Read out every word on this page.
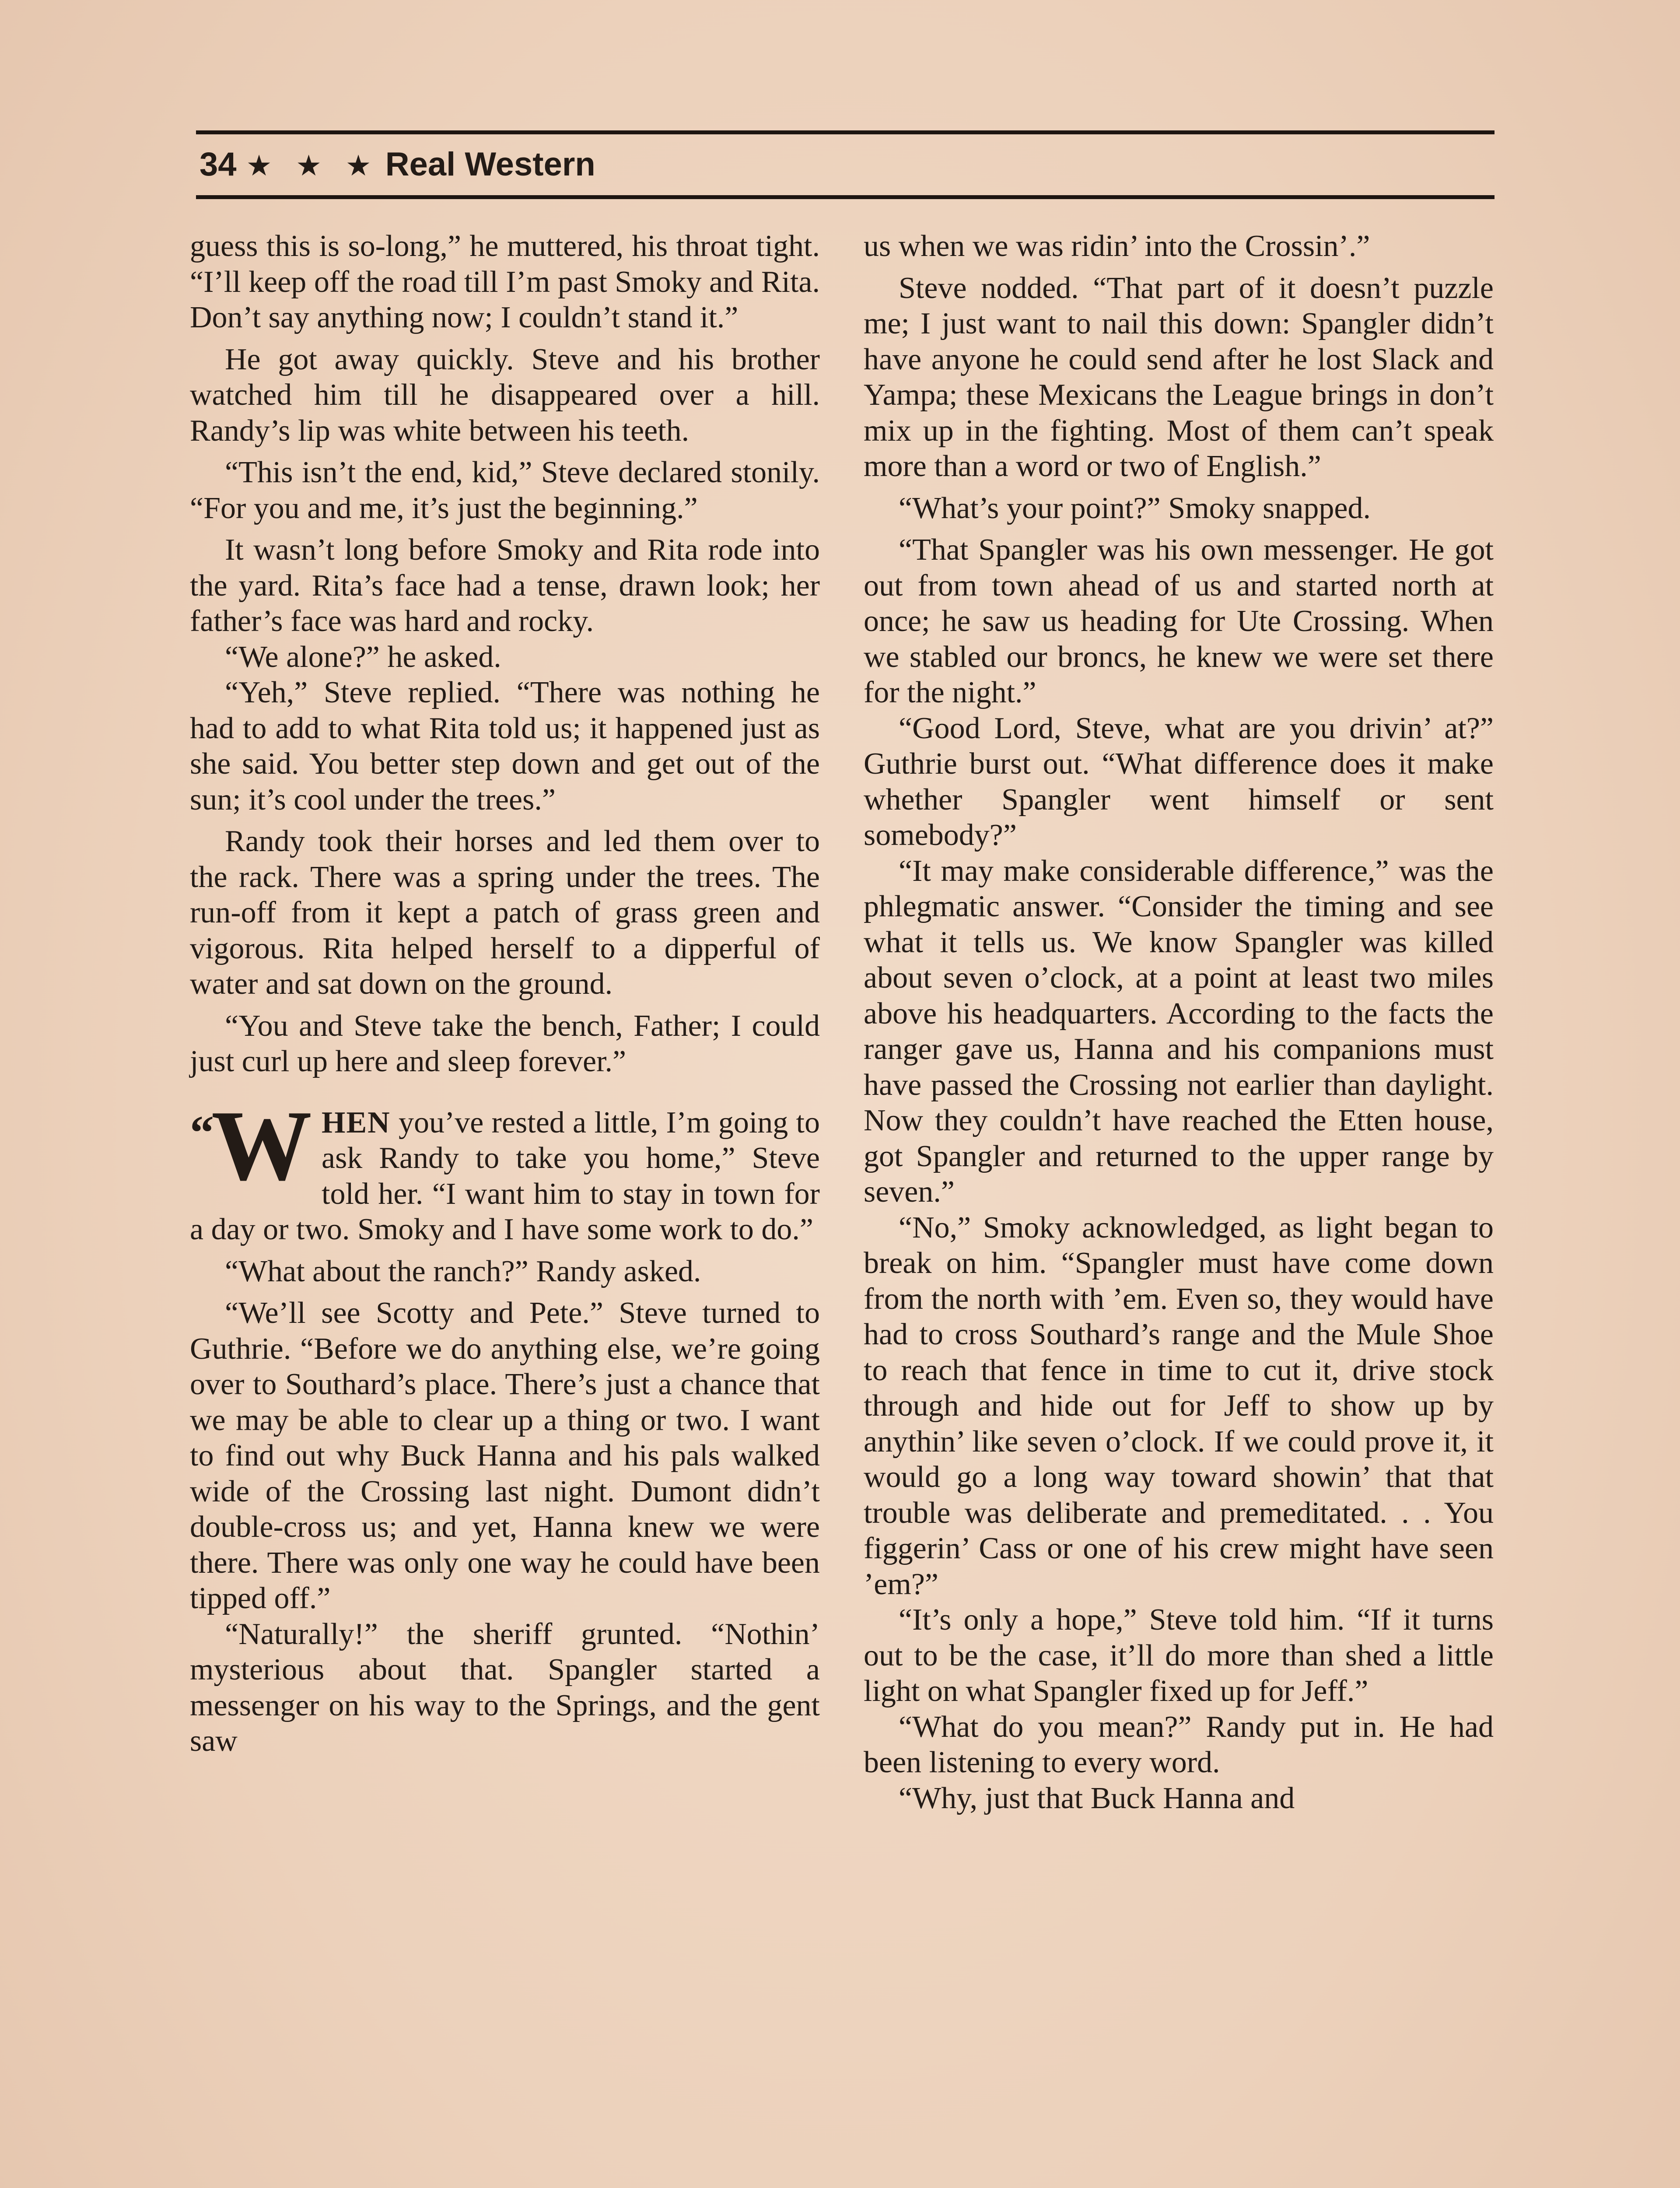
34 ★ ★ ★ Real Western

guess this is so-long,” he muttered, his throat tight. “I’ll keep off the road till I’m past Smoky and Rita. Don’t say anything now; I couldn’t stand it.”

He got away quickly. Steve and his brother watched him till he disappeared over a hill. Randy’s lip was white between his teeth.

“This isn’t the end, kid,” Steve declared stonily. “For you and me, it’s just the beginning.”

It wasn’t long before Smoky and Rita rode into the yard. Rita’s face had a tense, drawn look; her father’s face was hard and rocky.

“We alone?” he asked.

“Yeh,” Steve replied. “There was nothing he had to add to what Rita told us; it happened just as she said. You better step down and get out of the sun; it’s cool under the trees.”

Randy took their horses and led them over to the rack. There was a spring under the trees. The run-off from it kept a patch of grass green and vigorous. Rita helped herself to a dipperful of water and sat down on the ground.

“You and Steve take the bench, Father; I could just curl up here and sleep forever.”

“W HEN you’ve rested a little, I’m going to ask Randy to take you home,” Steve told her. “I want him to stay in town for a day or two. Smoky and I have some work to do.”

“What about the ranch?” Randy asked.

“We’ll see Scotty and Pete.” Steve turned to Guthrie. “Before we do anything else, we’re going over to Southard’s place. There’s just a chance that we may be able to clear up a thing or two. I want to find out why Buck Hanna and his pals walked wide of the Crossing last night. Dumont didn’t double-cross us; and yet, Hanna knew we were there. There was only one way he could have been tipped off.”

“Naturally!” the sheriff grunted. “Nothin’ mysterious about that. Spangler started a messenger on his way to the Springs, and the gent saw

us when we was ridin’ into the Crossin’.”

Steve nodded. “That part of it doesn’t puzzle me; I just want to nail this down: Spangler didn’t have anyone he could send after he lost Slack and Yampa; these Mexicans the League brings in don’t mix up in the fighting. Most of them can’t speak more than a word or two of English.”

“What’s your point?” Smoky snapped.

“That Spangler was his own messenger. He got out from town ahead of us and started north at once; he saw us heading for Ute Crossing. When we stabled our broncs, he knew we were set there for the night.”

“Good Lord, Steve, what are you drivin’ at?” Guthrie burst out. “What difference does it make whether Spangler went himself or sent somebody?”

“It may make considerable difference,” was the phlegmatic answer. “Consider the timing and see what it tells us. We know Spangler was killed about seven o’clock, at a point at least two miles above his headquarters. According to the facts the ranger gave us, Hanna and his companions must have passed the Crossing not earlier than daylight. Now they couldn’t have reached the Etten house, got Spangler and returned to the upper range by seven.”

“No,” Smoky acknowledged, as light began to break on him. “Spangler must have come down from the north with ’em. Even so, they would have had to cross Southard’s range and the Mule Shoe to reach that fence in time to cut it, drive stock through and hide out for Jeff to show up by anythin’ like seven o’clock. If we could prove it, it would go a long way toward showin’ that that trouble was deliberate and premeditated. . . You figgerin’ Cass or one of his crew might have seen ’em?”

“It’s only a hope,” Steve told him. “If it turns out to be the case, it’ll do more than shed a little light on what Spangler fixed up for Jeff.”

“What do you mean?” Randy put in. He had been listening to every word.

“Why, just that Buck Hanna and
